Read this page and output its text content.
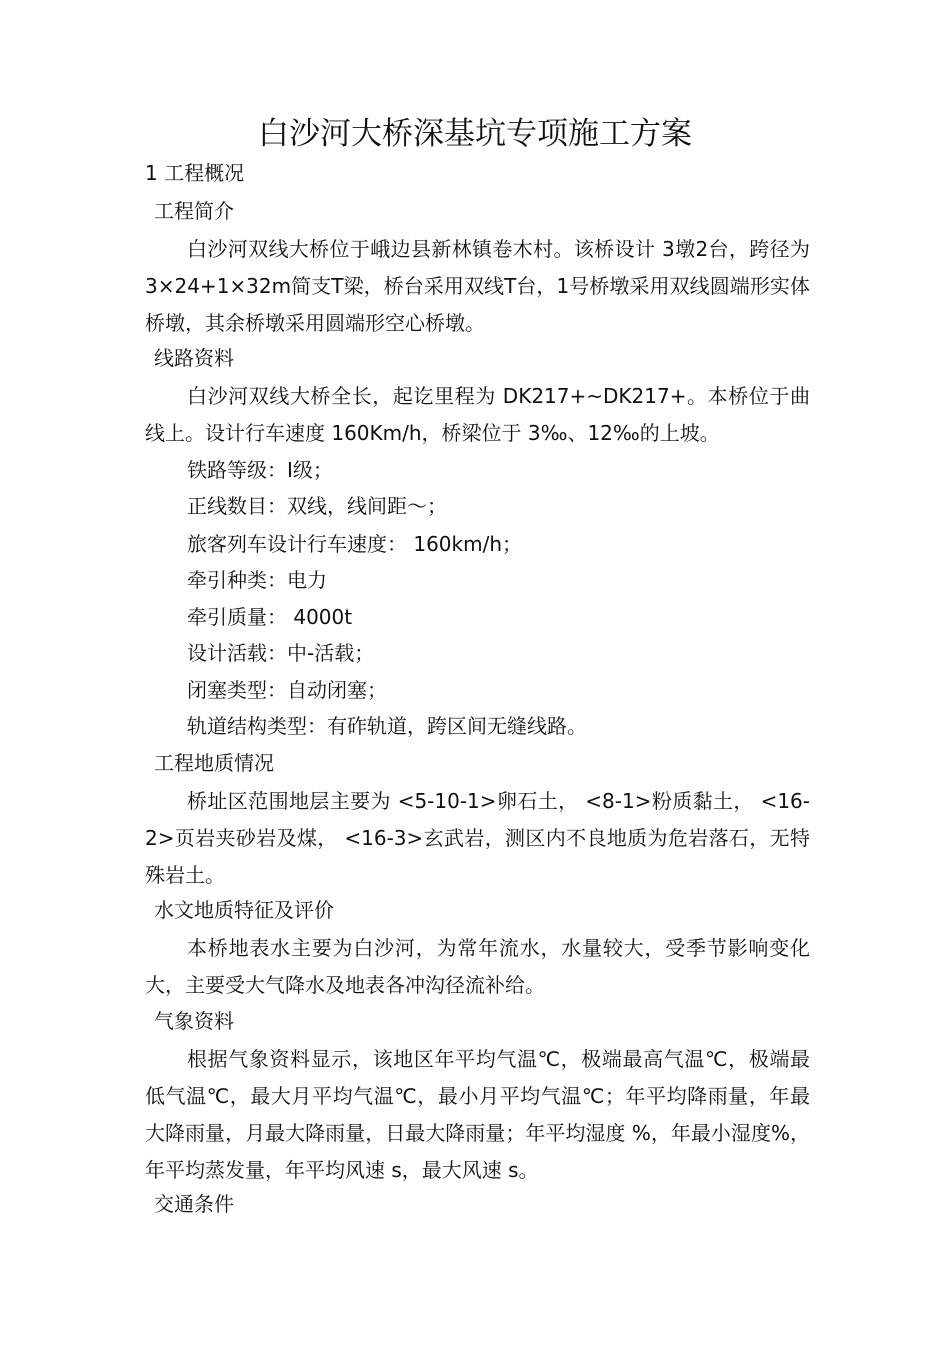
白沙河大桥深基坑专项施工方案
1 工程概况
工程简介

白沙河双线大桥位于峨边县新林镇卷木村。该桥设计 3墩2台，跨径为3×24+1×32m简支T梁，桥台采用双线T台，1号桥墩采用双线圆端形实体桥墩，其余桥墩采用圆端形空心桥墩。

线路资料

白沙河双线大桥全长，起讫里程为 DK217+~DK217+。本桥位于曲线上。设计行车速度 160Km/h，桥梁位于 3‰、12‰的上坡。

铁路等级：Ⅰ级；
正线数目：双线，线间距～；
旅客列车设计行车速度： 160km/h；
牵引种类：电力
牵引质量： 4000t
设计活载：中-活载；
闭塞类型：自动闭塞；
轨道结构类型：有砟轨道，跨区间无缝线路。
工程地质情况

桥址区范围地层主要为 <5-10-1>卵石土， <8-1>粉质黏土， <16-2>页岩夹砂岩及煤， <16-3>玄武岩，测区内不良地质为危岩落石，无特殊岩土。

水文地质特征及评价

本桥地表水主要为白沙河，为常年流水，水量较大，受季节影响变化大，主要受大气降水及地表各冲沟径流补给。

气象资料

根据气象资料显示，该地区年平均气温℃，极端最高气温℃，极端最低气温℃，最大月平均气温℃，最小月平均气温℃；年平均降雨量，年最大降雨量，月最大降雨量，日最大降雨量；年平均湿度 %，年最小湿度%，年平均蒸发量，年平均风速 s，最大风速 s。

交通条件
